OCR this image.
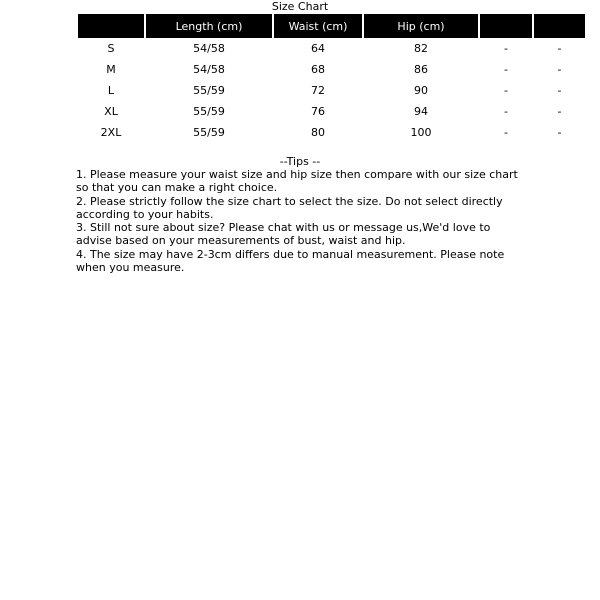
Size Chart
	Length (cm)	Waist (cm)	Hip (cm)		
S	54/58	64	82	-	-
M	54/58	68	86	-	-
L	55/59	72	90	-	-
XL	55/59	76	94	-	-
2XL	55/59	80	100	-	-
--Tips --

1. Please measure your waist size and hip size then compare with our size chart so that you can make a right choice.

2. Please strictly follow the size chart to select the size. Do not select directly according to your habits.

3. Still not sure about size? Please chat with us or message us,We'd love to advise based on your measurements of bust, waist and hip.

4. The size may have 2-3cm differs due to manual measurement. Please note when you measure.
